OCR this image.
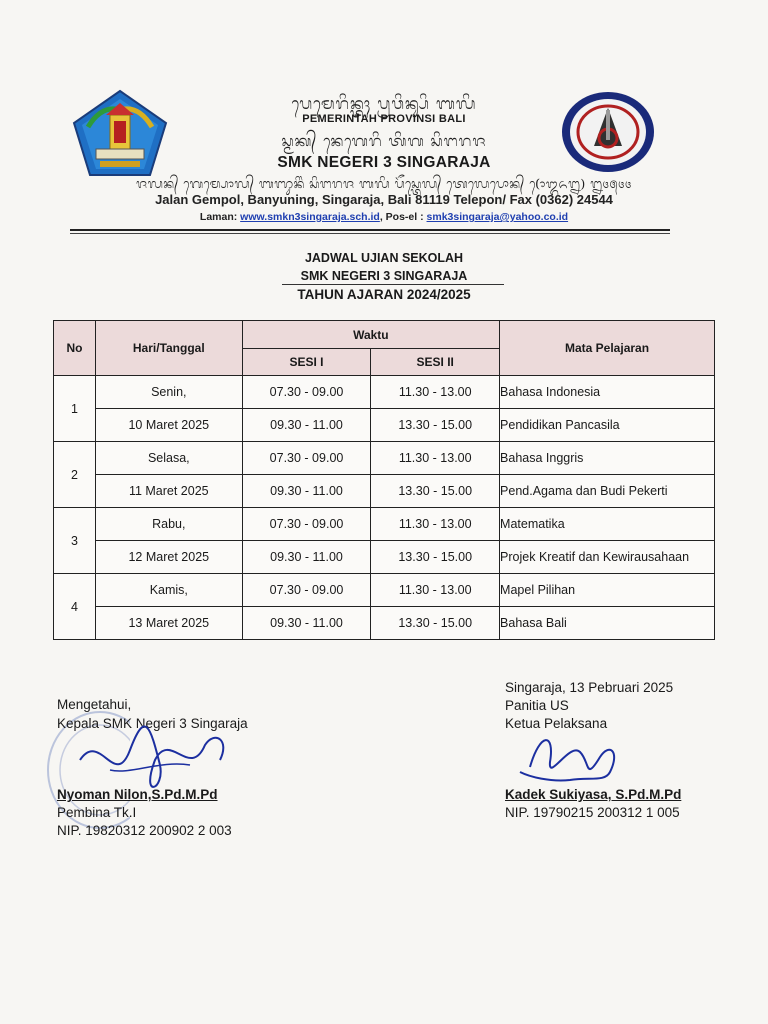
ᬧᬾᬫᬾᬭᬶᬦ᭄ᬢᬄ ᬧ᭄ᬭᬯᬶᬦ᭄ᬲᬶ ᬩᬮᬶ
PEMERINTAH PROVINSI BALI
ᬲ᭄ᬫᬓ᭄ ᬦᬾᬕᬾᬭᬶ ᬢᬶᬕ ᬲᬶᬗᬭᬚ
SMK NEGERI 3 SINGARAJA
ᬚᬮᬦ᭄ ᬕᬾᬫ᭄ᬧᭀᬮ᭄ ᬩᬜᬸᬦᬶᬂ ᬲᬶᬗᬭᬚ ᬩᬮᬶ ᬧᭂᬲ᭄ᬢᬾᬮ᭄ ᬢᬾᬮᬾᬧᭀᬦ᭄ (ᭀ᭓᭖᭒) ᭒᭔᭕᭔᭔
Jalan Gempol, Banyuning, Singaraja, Bali 81119 Telepon/ Fax (0362) 24544
Laman: www.smkn3singaraja.sch.id, Pos-el : smk3singaraja@yahoo.co.id
JADWAL UJIAN SEKOLAH
SMK NEGERI 3 SINGARAJA
TAHUN AJARAN 2024/2025
No	Hari/Tanggal	Waktu		Mata Pelajaran
		SESI I	SESI II	
1	Senin,	07.30 - 09.00	11.30 - 13.00	Bahasa Indonesia
	10 Maret 2025	09.30 - 11.00	13.30 - 15.00	Pendidikan Pancasila
2	Selasa,	07.30 - 09.00	11.30 - 13.00	Bahasa Inggris
	11 Maret 2025	09.30 - 11.00	13.30 - 15.00	Pend.Agama dan Budi Pekerti
3	Rabu,	07.30 - 09.00	11.30 - 13.00	Matematika
	12 Maret 2025	09.30 - 11.00	13.30 - 15.00	Projek Kreatif dan Kewirausahaan
4	Kamis,	07.30 - 09.00	11.30 - 13.00	Mapel Pilihan
	13 Maret 2025	09.30 - 11.00	13.30 - 15.00	Bahasa Bali
Mengetahui,
Kepala SMK Negeri 3 Singaraja
Nyoman Nilon,S.Pd.M.Pd
Pembina Tk.I
NIP. 19820312 200902 2 003
Singaraja, 13 Pebruari 2025
Panitia US
Ketua Pelaksana
Kadek Sukiyasa, S.Pd.M.Pd
NIP. 19790215 200312 1 005
